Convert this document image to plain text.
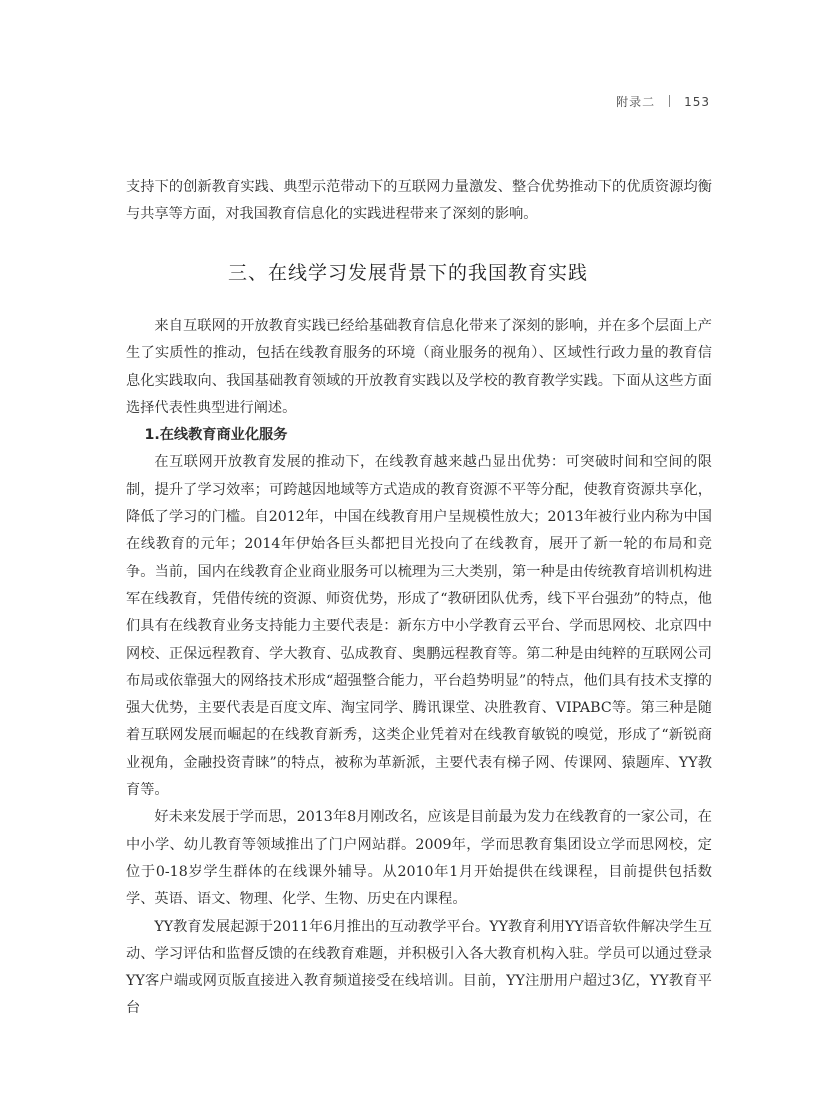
附录二 153

支持下的创新教育实践、典型示范带动下的互联网力量激发、整合优势推动下的优质资源均衡与共享等方面，对我国教育信息化的实践进程带来了深刻的影响。

三、在线学习发展背景下的我国教育实践

来自互联网的开放教育实践已经给基础教育信息化带来了深刻的影响，并在多个层面上产生了实质性的推动，包括在线教育服务的环境（商业服务的视角）、区域性行政力量的教育信息化实践取向、我国基础教育领域的开放教育实践以及学校的教育教学实践。下面从这些方面选择代表性典型进行阐述。

1.在线教育商业化服务

在互联网开放教育发展的推动下，在线教育越来越凸显出优势：可突破时间和空间的限制，提升了学习效率；可跨越因地域等方式造成的教育资源不平等分配，使教育资源共享化，降低了学习的门槛。自2012年，中国在线教育用户呈规模性放大；2013年被行业内称为中国在线教育的元年；2014年伊始各巨头都把目光投向了在线教育，展开了新一轮的布局和竞争。当前，国内在线教育企业商业服务可以梳理为三大类别，第一种是由传统教育培训机构进军在线教育，凭借传统的资源、师资优势，形成了“教研团队优秀，线下平台强劲”的特点，他们具有在线教育业务支持能力主要代表是：新东方中小学教育云平台、学而思网校、北京四中网校、正保远程教育、学大教育、弘成教育、奥鹏远程教育等。第二种是由纯粹的互联网公司布局或依靠强大的网络技术形成“超强整合能力，平台趋势明显”的特点，他们具有技术支撑的强大优势，主要代表是百度文库、淘宝同学、腾讯课堂、决胜教育、VIPABC等。第三种是随着互联网发展而崛起的在线教育新秀，这类企业凭着对在线教育敏锐的嗅觉，形成了“新锐商业视角，金融投资青睐”的特点，被称为革新派，主要代表有梯子网、传课网、猿题库、YY教育等。

好未来发展于学而思，2013年8月刚改名，应该是目前最为发力在线教育的一家公司，在中小学、幼儿教育等领域推出了门户网站群。2009年，学而思教育集团设立学而思网校，定位于0-18岁学生群体的在线课外辅导。从2010年1月开始提供在线课程，目前提供包括数学、英语、语文、物理、化学、生物、历史在内课程。

YY教育发展起源于2011年6月推出的互动教学平台。YY教育利用YY语音软件解决学生互动、学习评估和监督反馈的在线教育难题，并积极引入各大教育机构入驻。学员可以通过登录YY客户端或网页版直接进入教育频道接受在线培训。目前，YY注册用户超过3亿，YY教育平台
